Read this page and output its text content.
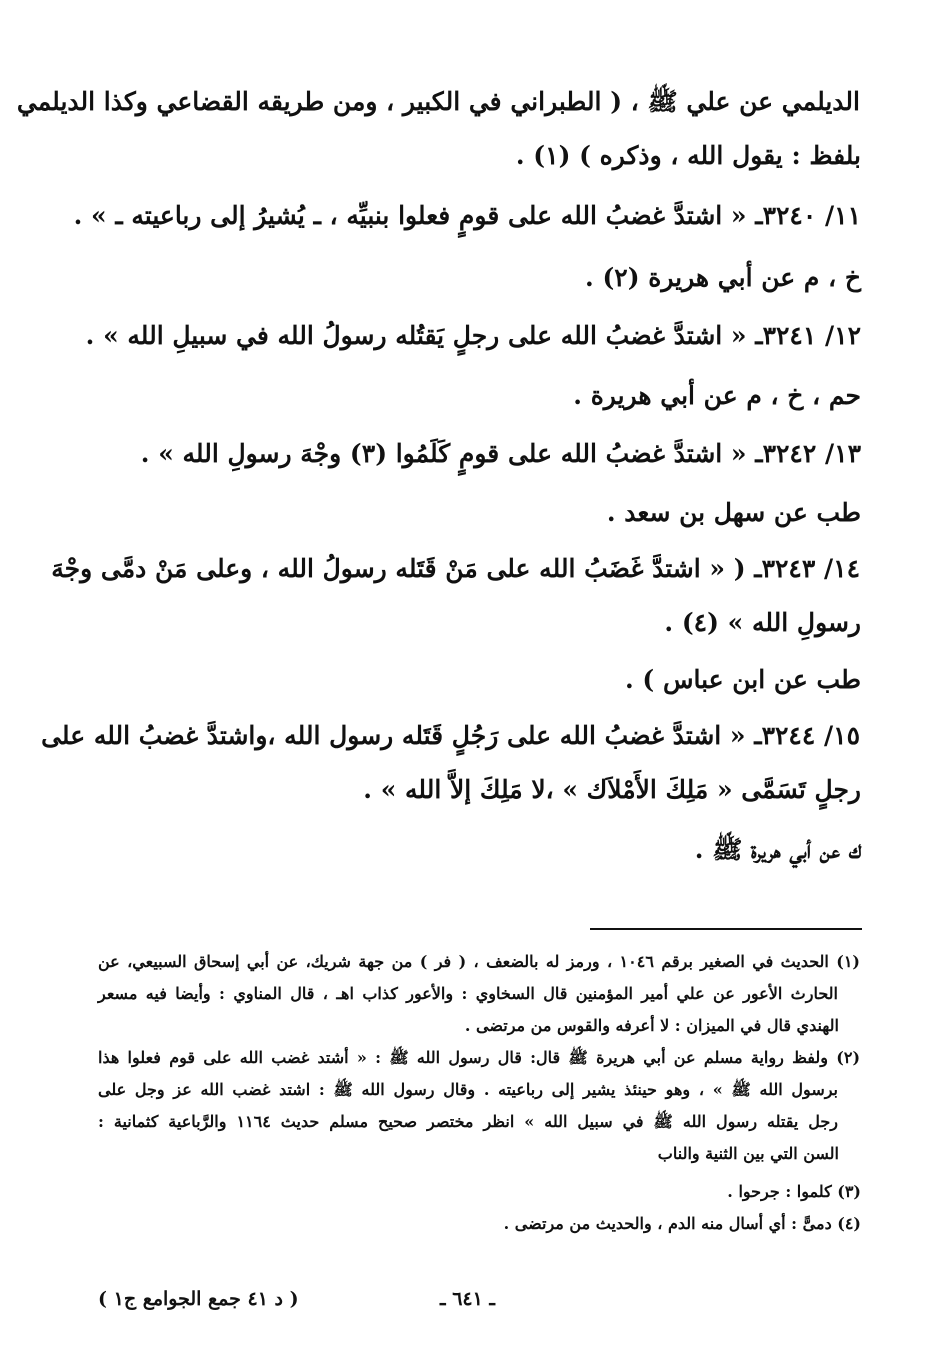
الديلمي عن علي ﷺ ، ( الطبراني في الكبير ، ومن طريقه القضاعي وكذا الديلمي
بلفظ : يقول الله ، وذكره ) (١) .
١١/ ٣٢٤٠ـ « اشتدَّ غضبُ الله على قومٍ فعلوا بنبيِّه ، ـ يُشيرُ إلى رباعيته ـ » .
خ ، م عن أبي هريرة (٢) .
١٢/ ٣٢٤١ـ « اشتدَّ غضبُ الله على رجلٍ يَقتُله رسولُ الله في سبيلِ الله » .
حم ، خ ، م عن أبي هريرة .
١٣/ ٣٢٤٢ـ « اشتدَّ غضبُ الله على قومٍ كَلَمُوا (٣) وجْهَ رسولِ الله » .
طب عن سهل بن سعد .
١٤/ ٣٢٤٣ـ ( « اشتدَّ غَضَبُ الله على مَنْ قَتَله رسولُ الله ، وعلى مَنْ دمَّى وجْهَ
رسولِ الله » (٤) .
طب عن ابن عباس ) .
١٥/ ٣٢٤٤ـ « اشتدَّ غضبُ الله على رَجُلٍ قَتَله رسول الله ،واشتدَّ غضبُ الله على
رجلٍ تَسَمَّى « مَلِكَ الأَمْلاَك » ،لا مَلِكَ إلاَّ الله » .
ك عن أبي هريرة ﷺ .
(١) الحديث في الصغير برقم ١٠٤٦ ، ورمز له بالضعف ، ( فر ) من جهة شريك، عن أبي إسحاق السبيعي، عن
الحارث الأعور عن علي أمير المؤمنين قال السخاوي : والأعور كذاب اهـ ، قال المناوي : وأيضا فيه مسعر
الهندي قال في الميزان : لا أعرفه والقوس من مرتضى .
(٢) ولفظ رواية مسلم عن أبي هريرة ﷺ قال: قال رسول الله ﷺ : « أشتد غضب الله على قوم فعلوا هذا
برسول الله ﷺ » ، وهو حينئذ يشير إلى رباعيته . وقال رسول الله ﷺ : اشتد غضب الله عز وجل على
رجل يقتله رسول الله ﷺ في سبيل الله » انظر مختصر صحيح مسلم حديث ١١٦٤ والرَّباعية كثمانية :
السن التي بين الثنية والناب
(٣) كلموا : جرحوا .
(٤) دمىًّ : أي أسال منه الدم ، والحديث من مرتضى .
ـ ٦٤١ ـ
( د ٤١ جمع الجوامع ج١ )
